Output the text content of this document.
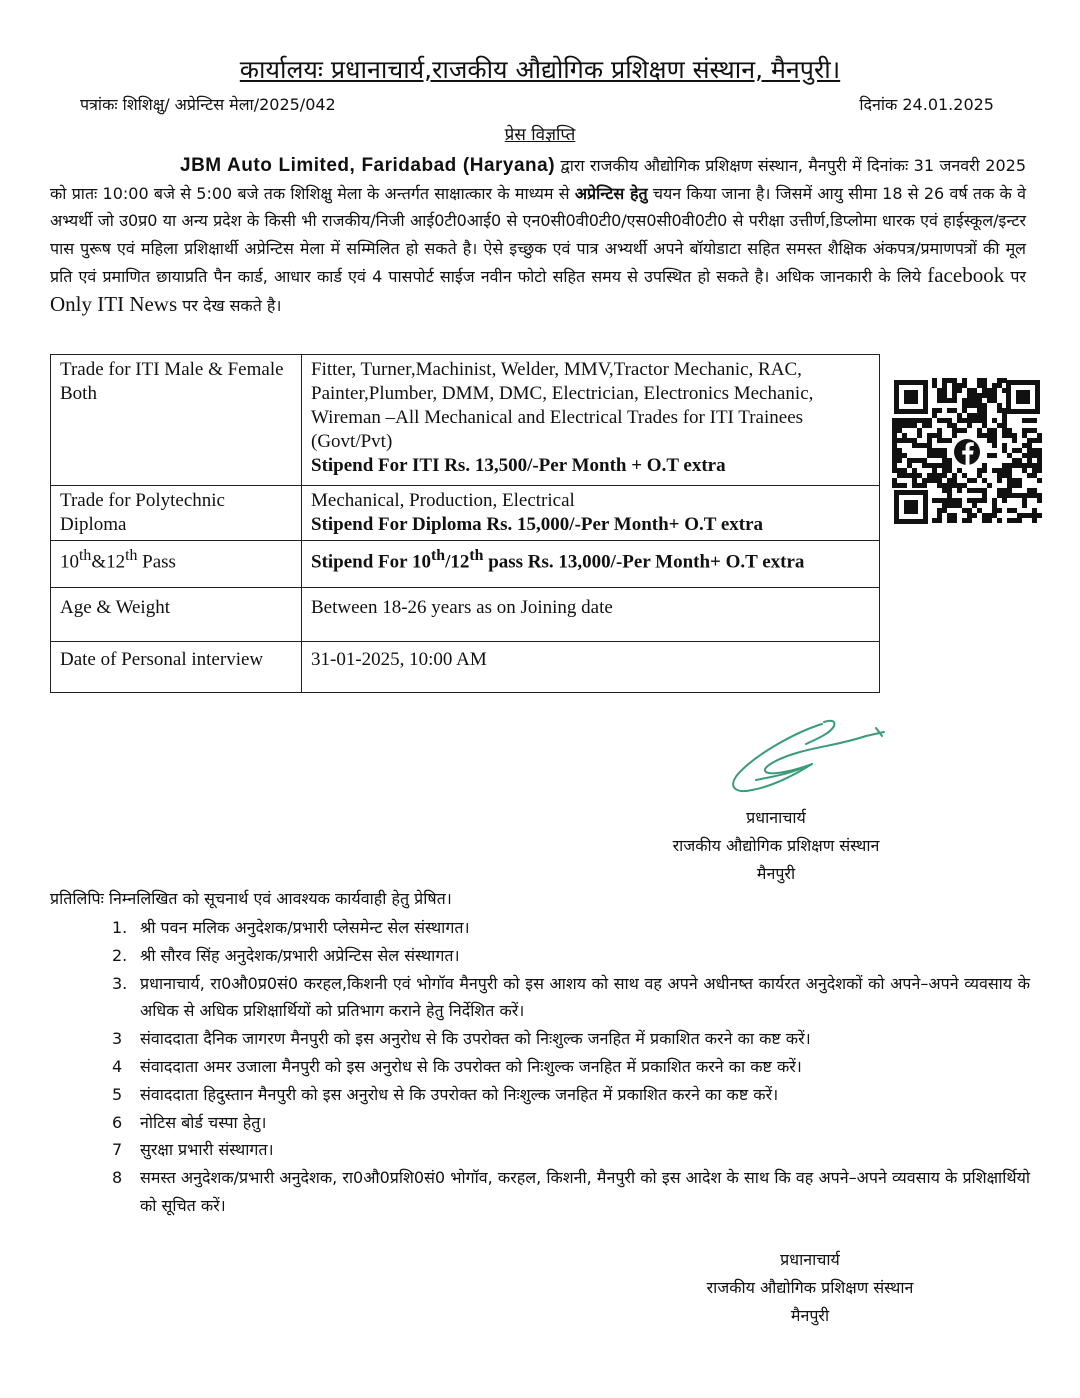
कार्यालयः प्रधानाचार्य,राजकीय औद्योगिक प्रशिक्षण संस्थान, मैनपुरी।
पत्रांकः शिशिक्षु/ अप्रेन्टिस मेला/2025/042	दिनांक 24.01.2025
प्रेस विज्ञप्ति
JBM Auto Limited, Faridabad (Haryana) द्वारा राजकीय औद्योगिक प्रशिक्षण संस्थान, मैनपुरी में दिनांकः 31 जनवरी 2025 को प्रातः 10:00 बजे से 5:00 बजे तक शिशिक्षु मेला के अन्तर्गत साक्षात्कार के माध्यम से अप्रेन्टिस हेतु चयन किया जाना है। जिसमें आयु सीमा 18 से 26 वर्ष तक के वे अभ्यर्थी जो उ0प्र0 या अन्य प्रदेश के किसी भी राजकीय/निजी आई0टी0आई0 से एन0सी0वी0टी0/एस0सी0वी0टी0 से परीक्षा उत्तीर्ण,डिप्लोमा धारक एवं हाईस्कूल/इन्टर पास पुरूष एवं महिला प्रशिक्षार्थी अप्रेन्टिस मेला में सम्मिलित हो सकते है। ऐसे इच्छुक एवं पात्र अभ्यर्थी अपने बॉयोडाटा सहित समस्त शैक्षिक अंकपत्र/प्रमाणपत्रों की मूल प्रति एवं प्रमाणित छायाप्रति पैन कार्ड, आधार कार्ड एवं 4 पासपोर्ट साईज नवीन फोटो सहित समय से उपस्थित हो सकते है। अधिक जानकारी के लिये facebook पर Only ITI News पर देख सकते है।
Trade for ITI Male & Female Both	Fitter, Turner,Machinist, Welder, MMV,Tractor Mechanic, RAC, Painter,Plumber, DMM, DMC, Electrician, Electronics Mechanic, Wireman –All Mechanical and Electrical Trades for ITI Trainees (Govt/Pvt)
Stipend For ITI Rs. 13,500/-Per Month + O.T extra
Trade for Polytechnic Diploma	Mechanical, Production, Electrical
Stipend For Diploma Rs. 15,000/-Per Month+ O.T extra
10th&12th Pass	Stipend For 10th/12th pass Rs. 13,000/-Per Month+ O.T extra
Age & Weight	Between 18-26 years as on Joining date
Date of Personal interview	31-01-2025, 10:00 AM
प्रधानाचार्य
राजकीय औद्योगिक प्रशिक्षण संस्थान
मैनपुरी
प्रतिलिपिः निम्नलिखित को सूचनार्थ एवं आवश्यक कार्यवाही हेतु प्रेषित।
1. श्री पवन मलिक अनुदेशक/प्रभारी प्लेसमेन्ट सेल संस्थागत।
2. श्री सौरव सिंह अनुदेशक/प्रभारी अप्रेन्टिस सेल संस्थागत।
3. प्रधानाचार्य, रा0औ0प्र0सं0 करहल,किशनी एवं भोगॉव मैनपुरी को इस आशय को साथ वह अपने अधीनष्त कार्यरत अनुदेशकों को अपने–अपने व्यवसाय के अधिक से अधिक प्रशिक्षार्थियों को प्रतिभाग कराने हेतु निर्देशित करें।
3	संवाददाता दैनिक जागरण मैनपुरी को इस अनुरोध से कि उपरोक्त को निःशुल्क जनहित में प्रकाशित करने का कष्ट करें।
4	संवाददाता अमर उजाला मैनपुरी को इस अनुरोध से कि उपरोक्त को निःशुल्क जनहित में प्रकाशित करने का कष्ट करें।
5	संवाददाता हिदुस्तान मैनपुरी को इस अनुरोध से कि उपरोक्त को निःशुल्क जनहित में प्रकाशित करने का कष्ट करें।
6	नोटिस बोर्ड चस्पा हेतु।
7	सुरक्षा प्रभारी संस्थागत।
8	समस्त अनुदेशक/प्रभारी अनुदेशक, रा0औ0प्रशि0सं0 भोगॉव, करहल, किशनी, मैनपुरी को इस आदेश के साथ कि वह अपने–अपने व्यवसाय के प्रशिक्षार्थियो को सूचित करें।
प्रधानाचार्य
राजकीय औद्योगिक प्रशिक्षण संस्थान
मैनपुरी
